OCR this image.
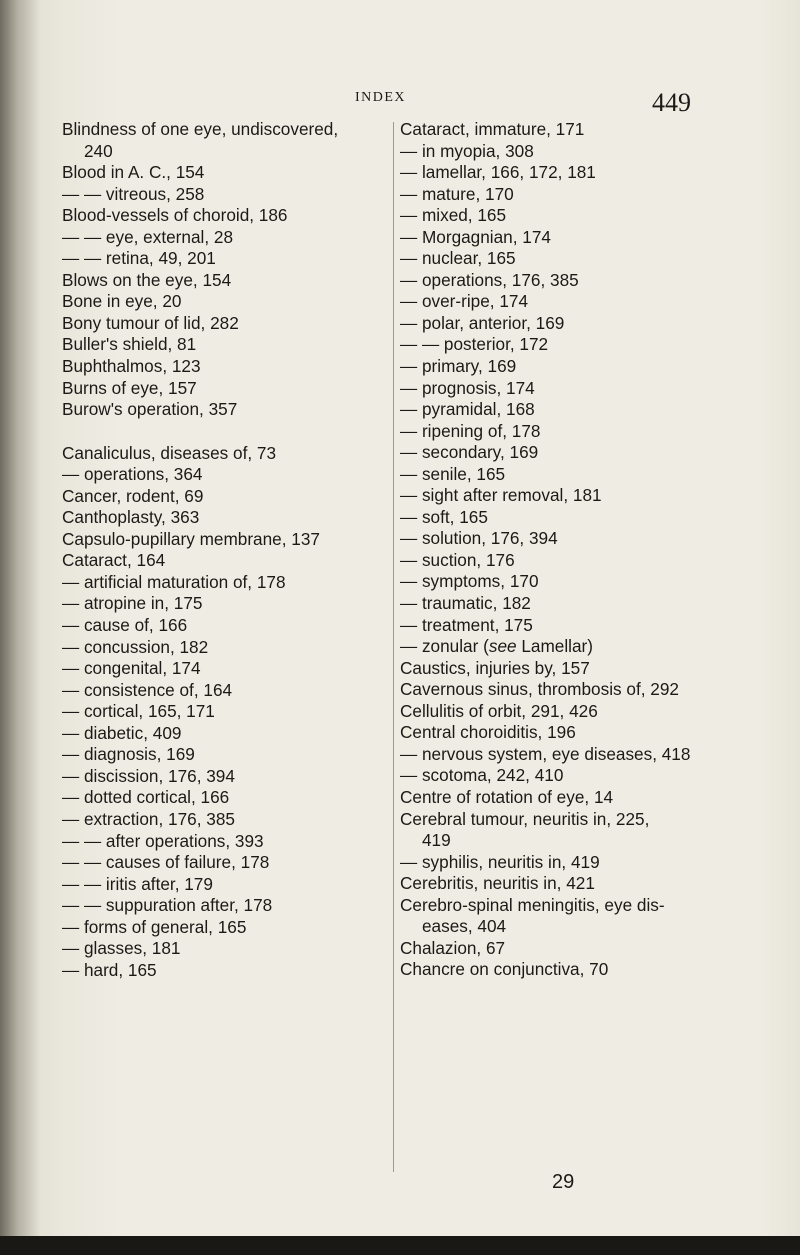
INDEX	449
Blindness of one eye, undiscovered,
240
Blood in A. C., 154
— — vitreous, 258
Blood-vessels of choroid, 186
— — eye, external, 28
— — retina, 49, 201
Blows on the eye, 154
Bone in eye, 20
Bony tumour of lid, 282
Buller's shield, 81
Buphthalmos, 123
Burns of eye, 157
Burow's operation, 357
Canaliculus, diseases of, 73
— operations, 364
Cancer, rodent, 69
Canthoplasty, 363
Capsulo-pupillary membrane, 137
Cataract, 164
— artificial maturation of, 178
— atropine in, 175
— cause of, 166
— concussion, 182
— congenital, 174
— consistence of, 164
— cortical, 165, 171
— diabetic, 409
— diagnosis, 169
— discission, 176, 394
— dotted cortical, 166
— extraction, 176, 385
— — after operations, 393
— — causes of failure, 178
— — iritis after, 179
— — suppuration after, 178
— forms of general, 165
— glasses, 181
— hard, 165
Cataract, immature, 171
— in myopia, 308
— lamellar, 166, 172, 181
— mature, 170
— mixed, 165
— Morgagnian, 174
— nuclear, 165
— operations, 176, 385
— over-ripe, 174
— polar, anterior, 169
— — posterior, 172
— primary, 169
— prognosis, 174
— pyramidal, 168
— ripening of, 178
— secondary, 169
— senile, 165
— sight after removal, 181
— soft, 165
— solution, 176, 394
— suction, 176
— symptoms, 170
— traumatic, 182
— treatment, 175
— zonular (see Lamellar)
Caustics, injuries by, 157
Cavernous sinus, thrombosis of, 292
Cellulitis of orbit, 291, 426
Central choroiditis, 196
— nervous system, eye diseases, 418
— scotoma, 242, 410
Centre of rotation of eye, 14
Cerebral tumour, neuritis in, 225,
419
— syphilis, neuritis in, 419
Cerebritis, neuritis in, 421
Cerebro-spinal meningitis, eye dis-
eases, 404
Chalazion, 67
Chancre on conjunctiva, 70
29
